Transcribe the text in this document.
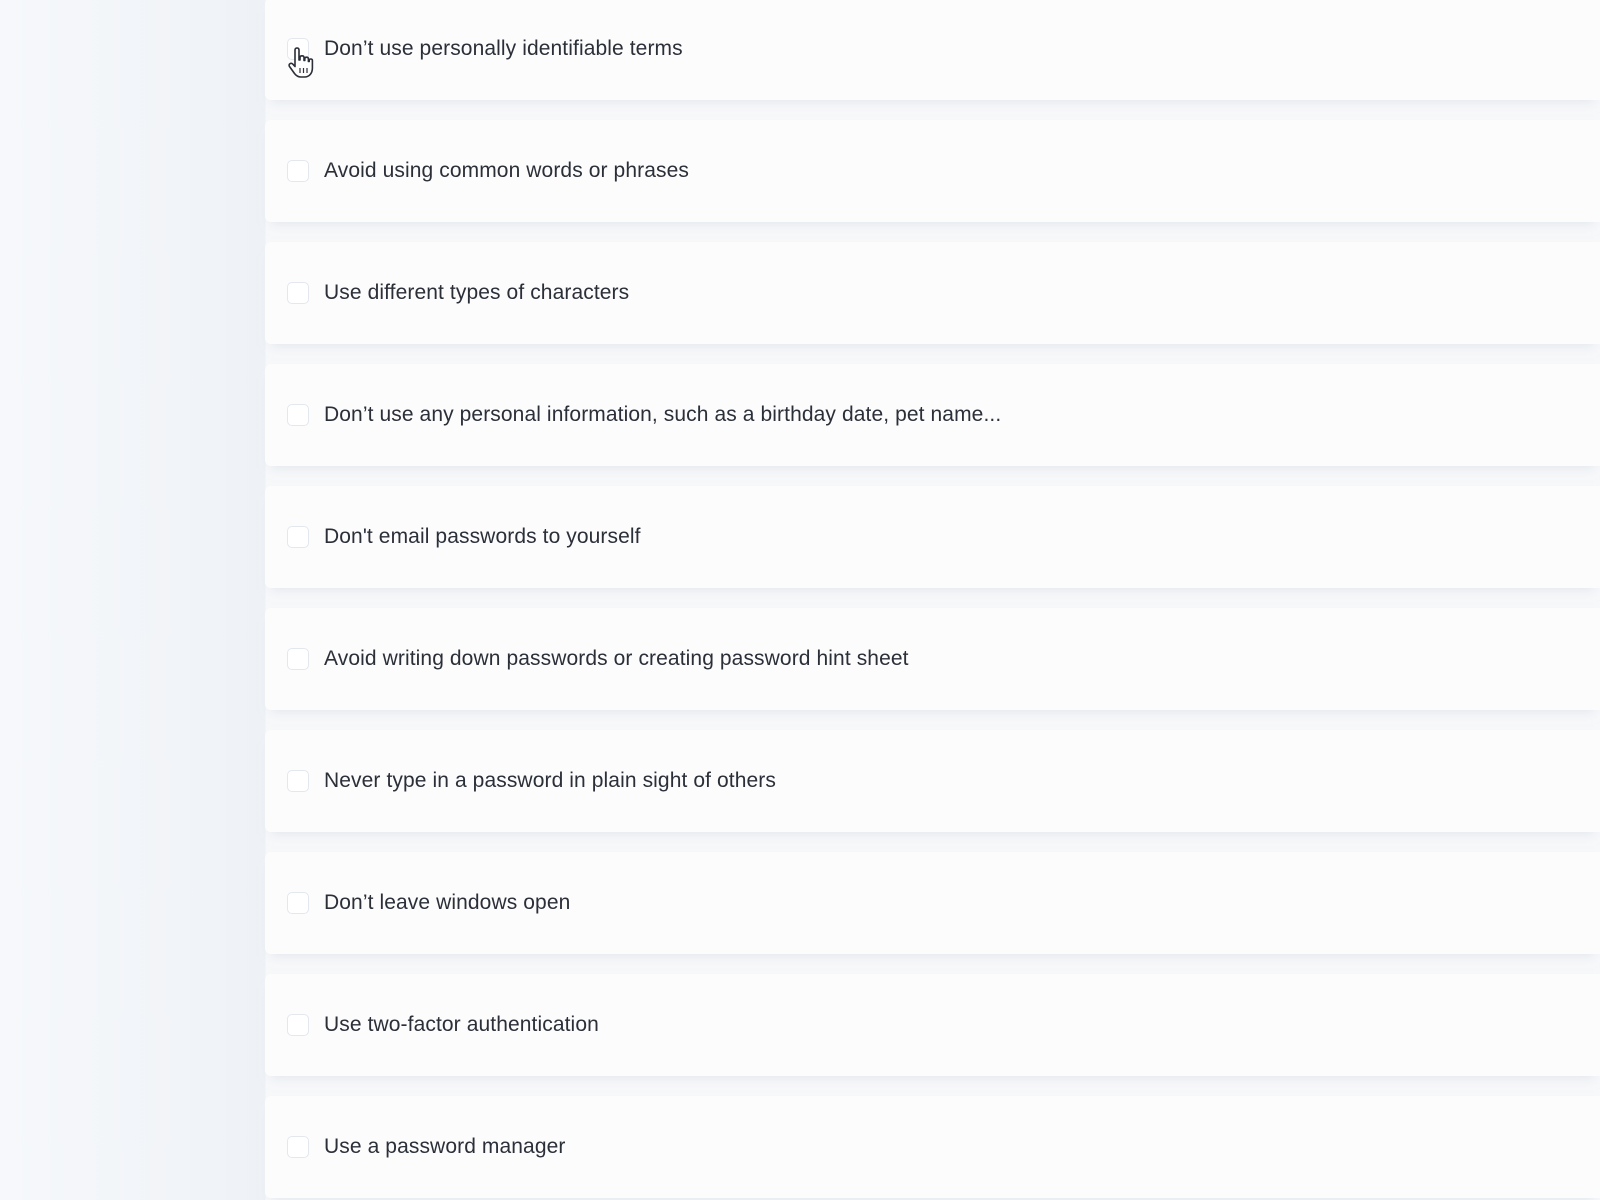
Don’t use personally identifiable terms
Avoid using common words or phrases
Use different types of characters
Don’t use any personal information, such as a birthday date, pet name...
Don't email passwords to yourself
Avoid writing down passwords or creating password hint sheet
Never type in a password in plain sight of others
Don’t leave windows open
Use two-factor authentication
Use a password manager
